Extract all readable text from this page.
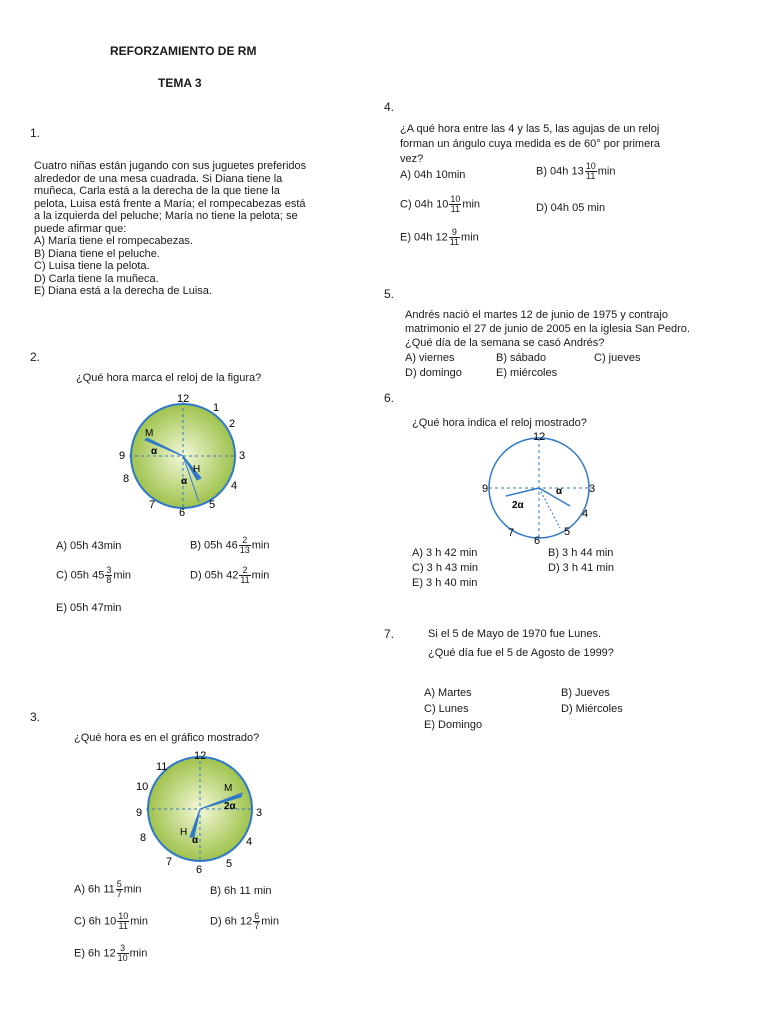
REFORZAMIENTO DE RM
TEMA 3
1.
Cuatro niñas están jugando con sus juguetes preferidos
alrededor de una mesa cuadrada. Si Diana tiene la
muñeca, Carla está a la derecha de la que tiene la
pelota, Luisa está frente a María; el rompecabezas está
a la izquierda del peluche; María no tiene la pelota; se
puede afirmar que:
A) María tiene el rompecabezas.
B) Diana tiene el peluche.
C) Luisa tiene la pelota.
D) Carla tiene la muñeca.
E) Diana está a la derecha de Luisa.
2.
¿Qué hora marca el reloj de la figura?
12
1
2
3
4
5
6
7
8
9
M
H
α
α
A) 05h 43min	B) 05h $46 \frac{2}{13}$ min
C) 05h $45 \frac{3}{8}$ min	D) 05h $42 \frac{2}{11}$ min
E) 05h 47min
3.
¿Qué hora es en el gráfico mostrado?
12
11
10
9
8
7
6 5
4
3
M
H
2α
α
A) 6h $11 \frac{5}{7}$ min	B) 6h 11 min
C) 6h $10 \frac{10}{11}$ min	D) 6h $12 \frac{6}{7}$ min
E) 6h $12 \frac{3}{10}$ min
4.
¿A qué hora entre las 4 y las 5, las agujas de un reloj
forman un ángulo cuya medida es de 60° por primera
vez?
A) 04h 10min	B) 04h $13 \frac{10}{11}$ min
C) 04h $10 \frac{10}{11}$ min	D) 04h 05 min
E) 04h $12 \frac{9}{11}$ min
5.
Andrés nació el martes 12 de junio de 1975 y contrajo
matrimonio el 27 de junio de 2005 en la iglesia San Pedro.
¿Qué día de la semana se casó Andrés?
A) viernes	B) sábado	C) jueves
D) domingo	E) miércoles
6.
¿Qué hora indica el reloj mostrado?
12
9	3
4
5
6
7
α
2α
A) 3 h 42 min	B) 3 h 44 min
C) 3 h 43 min	D) 3 h 41 min
E) 3 h 40 min
7.	Si el 5 de Mayo de 1970 fue Lunes.
¿Qué día fue el 5 de Agosto de 1999?
A) Martes	B) Jueves
C) Lunes	D) Miércoles
E) Domingo
